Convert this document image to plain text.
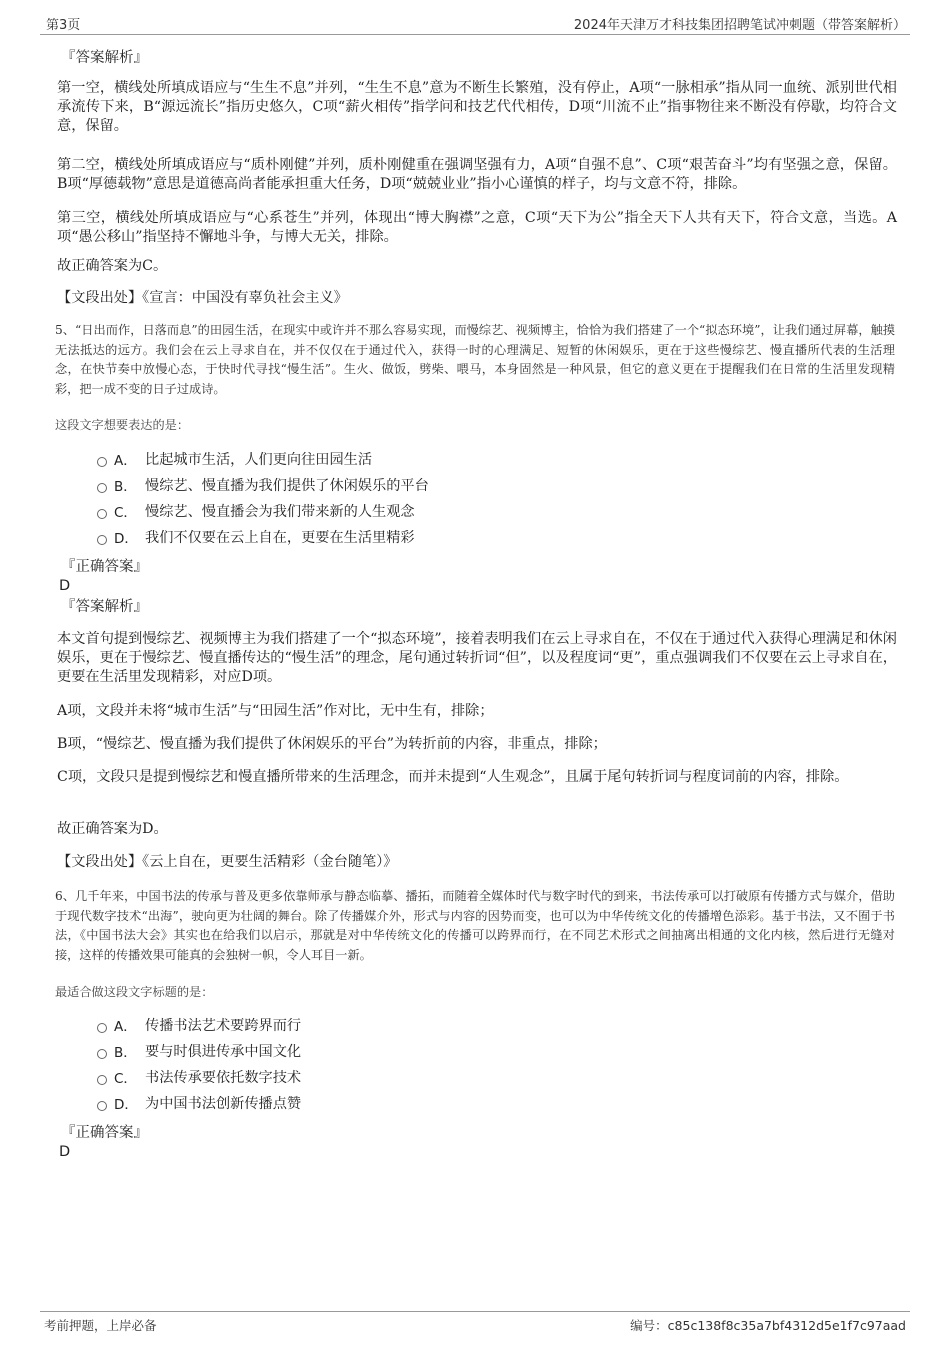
第3页	2024年天津万才科技集团招聘笔试冲刺题（带答案解析）

『答案解析』

第一空，横线处所填成语应与“生生不息”并列，“生生不息”意为不断生长繁殖，没有停止，A项“一脉相承”指从同一血统、派别世代相承流传下来，B“源远流长”指历史悠久，C项“薪火相传”指学问和技艺代代相传，D项“川流不止”指事物往来不断没有停歇，均符合文意，保留。

第二空，横线处所填成语应与“质朴刚健”并列，质朴刚健重在强调坚强有力，A项“自强不息”、C项“艰苦奋斗”均有坚强之意，保留。B项“厚德载物”意思是道德高尚者能承担重大任务，D项“兢兢业业”指小心谨慎的样子，均与文意不符，排除。

第三空，横线处所填成语应与“心系苍生”并列，体现出“博大胸襟”之意，C项“天下为公”指全天下人共有天下，符合文意，当选。A项“愚公移山”指坚持不懈地斗争，与博大无关，排除。

故正确答案为C。

【文段出处】《宣言：中国没有辜负社会主义》

5、“日出而作，日落而息”的田园生活，在现实中或许并不那么容易实现，而慢综艺、视频博主，恰恰为我们搭建了一个“拟态环境”，让我们通过屏幕，触摸无法抵达的远方。我们会在云上寻求自在，并不仅仅在于通过代入，获得一时的心理满足、短暂的休闲娱乐，更在于这些慢综艺、慢直播所代表的生活理念，在快节奏中放慢心态，于快时代寻找“慢生活”。生火、做饭，劈柴、喂马，本身固然是一种风景，但它的意义更在于提醒我们在日常的生活里发现精彩，把一成不变的日子过成诗。

这段文字想要表达的是：

A． 比起城市生活，人们更向往田园生活
B． 慢综艺、慢直播为我们提供了休闲娱乐的平台
C． 慢综艺、慢直播会为我们带来新的人生观念
D． 我们不仅要在云上自在，更要在生活里精彩

『正确答案』

D

『答案解析』

本文首句提到慢综艺、视频博主为我们搭建了一个“拟态环境”，接着表明我们在云上寻求自在，不仅在于通过代入获得心理满足和休闲娱乐，更在于慢综艺、慢直播传达的“慢生活”的理念，尾句通过转折词“但”，以及程度词“更”，重点强调我们不仅要在云上寻求自在，更要在生活里发现精彩，对应D项。

A项，文段并未将“城市生活”与“田园生活”作对比，无中生有，排除；

B项，“慢综艺、慢直播为我们提供了休闲娱乐的平台”为转折前的内容，非重点，排除；

C项，文段只是提到慢综艺和慢直播所带来的生活理念，而并未提到“人生观念”，且属于尾句转折词与程度词前的内容，排除。

故正确答案为D。

【文段出处】《云上自在，更要生活精彩（金台随笔）》

6、几千年来，中国书法的传承与普及更多依靠师承与静态临摹、播拓，而随着全媒体时代与数字时代的到来，书法传承可以打破原有传播方式与媒介，借助于现代数字技术“出海”，驶向更为壮阔的舞台。除了传播媒介外，形式与内容的因势而变，也可以为中华传统文化的传播增色添彩。基于书法，又不囿于书法，《中国书法大会》其实也在给我们以启示，那就是对中华传统文化的传播可以跨界而行，在不同艺术形式之间抽离出相通的文化内核，然后进行无缝对接，这样的传播效果可能真的会独树一帜，令人耳目一新。

最适合做这段文字标题的是：

A． 传播书法艺术要跨界而行
B． 要与时俱进传承中国文化
C． 书法传承要依托数字技术
D． 为中国书法创新传播点赞

『正确答案』

D

考前押题，上岸必备	编号：c85c138f8c35a7bf4312d5e1f7c97aad
